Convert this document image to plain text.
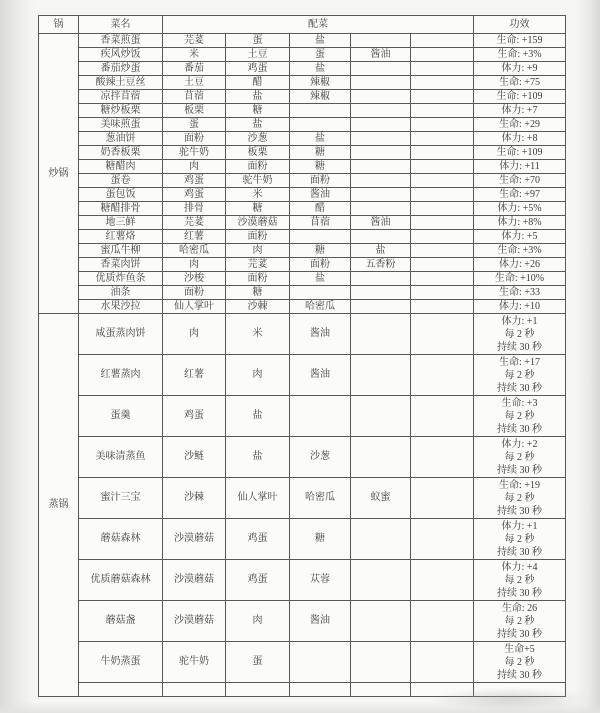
锅	菜名	配菜					功效
炒锅	香菜煎蛋	芫荽	蛋	盐			生命: +159

	疾风炒饭	米	土豆	蛋	酱油		生命: +3%

	番茄炒蛋	番茄	鸡蛋	盐			体力: +9

	酸辣土豆丝	土豆	醋	辣椒			生命: +75

	凉拌苜蓿	苜蓿	盐	辣椒			生命: +109

	糖炒板栗	板栗	糖				体力: +7

	美味煎蛋	蛋	盐				生命: +29

	葱油饼	面粉	沙葱	盐			体力: +8

	奶香板栗	驼牛奶	板栗	糖			生命: +109

	糖醋肉	肉	面粉	糖			体力: +11

	蛋卷	鸡蛋	驼牛奶	面粉			生命: +70

	蛋包饭	鸡蛋	米	酱油			生命: +97

	糖醋排骨	排骨	糖	醋			体力: +5%

	地三鲜	芫荽	沙漠蘑菇	苜蓿	酱油		体力: +8%

	红薯烙	红薯	面粉				体力: +5

	蜜瓜牛柳	哈密瓜	肉	糖	盐		生命: +3%

	香菜肉饼	肉	芫荽	面粉	五香粉		体力: +26

	优质炸鱼条	沙梭	面粉	盐			生命: +10%

	油条	面粉	糖				生命: +33

	水果沙拉	仙人掌叶	沙棘	哈密瓜			体力: +10

蒸锅	咸蛋蒸肉饼	肉	米	酱油			体力: +1
每 2 秒
持续 30 秒

	红薯蒸肉	红薯	肉	酱油			生命: +17
每 2 秒
持续 30 秒

	蛋羹	鸡蛋	盐				生命: +3
每 2 秒
持续 30 秒

	美味清蒸鱼	沙鲢	盐	沙葱			体力: +2
每 2 秒
持续 30 秒

	蜜汁三宝	沙棘	仙人掌叶	哈密瓜	蚁蜜		生命: +19
每 2 秒
持续 30 秒

	蘑菇森林	沙漠蘑菇	鸡蛋	糖			体力: +1
每 2 秒
持续 30 秒

	优质蘑菇森林	沙漠蘑菇	鸡蛋	苁蓉			体力: +4
每 2 秒
持续 30 秒

	蘑菇盏	沙漠蘑菇	肉	酱油			生命: 26
每 2 秒
持续 30 秒

	牛奶蒸蛋	驼牛奶	蛋				生命+5
每 2 秒
持续 30 秒
